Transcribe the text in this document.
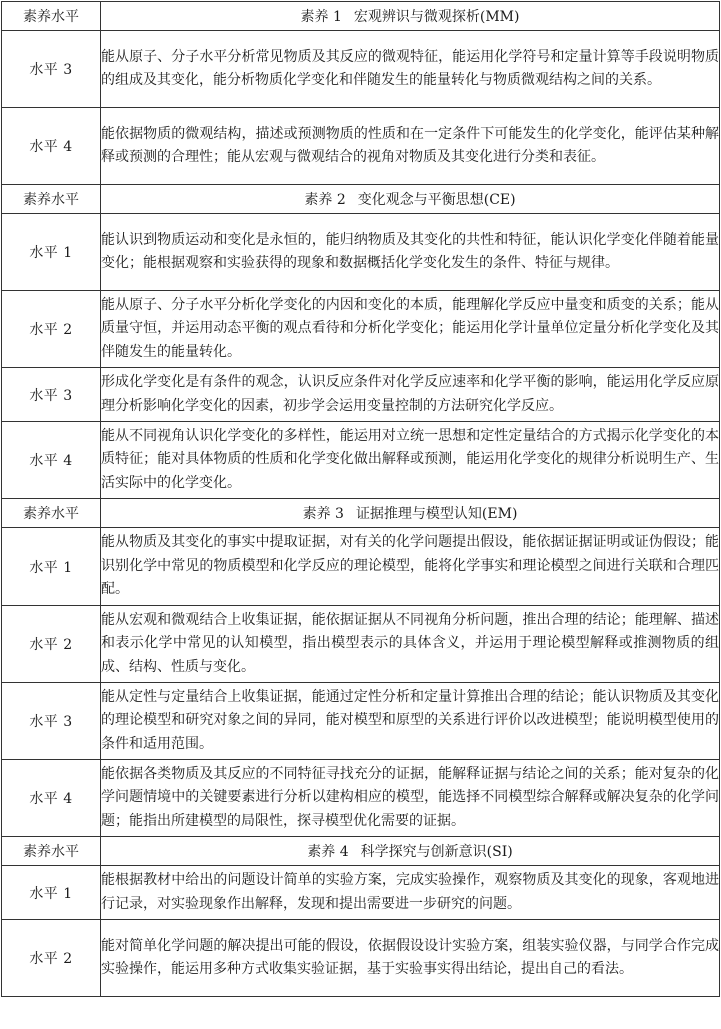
素养水平	素养 1 宏观辨识与微观探析(MM)
水平 3	能从原子、分子水平分析常见物质及其反应的微观特征，能运用化学符号和定量计算等手段说明物质的组成及其变化，能分析物质化学变化和伴随发生的能量转化与物质微观结构之间的关系。
水平 4	能依据物质的微观结构，描述或预测物质的性质和在一定条件下可能发生的化学变化，能评估某种解释或预测的合理性；能从宏观与微观结合的视角对物质及其变化进行分类和表征。
素养水平	素养 2 变化观念与平衡思想(CE)
水平 1	能认识到物质运动和变化是永恒的，能归纳物质及其变化的共性和特征，能认识化学变化伴随着能量变化；能根据观察和实验获得的现象和数据概括化学变化发生的条件、特征与规律。
水平 2	能从原子、分子水平分析化学变化的内因和变化的本质，能理解化学反应中量变和质变的关系；能从质量守恒，并运用动态平衡的观点看待和分析化学变化；能运用化学计量单位定量分析化学变化及其伴随发生的能量转化。
水平 3	形成化学变化是有条件的观念，认识反应条件对化学反应速率和化学平衡的影响，能运用化学反应原理分析影响化学变化的因素，初步学会运用变量控制的方法研究化学反应。
水平 4	能从不同视角认识化学变化的多样性，能运用对立统一思想和定性定量结合的方式揭示化学变化的本质特征；能对具体物质的性质和化学变化做出解释或预测，能运用化学变化的规律分析说明生产、生活实际中的化学变化。
素养水平	素养 3 证据推理与模型认知(EM)
水平 1	能从物质及其变化的事实中提取证据，对有关的化学问题提出假设，能依据证据证明或证伪假设；能识别化学中常见的物质模型和化学反应的理论模型，能将化学事实和理论模型之间进行关联和合理匹配。
水平 2	能从宏观和微观结合上收集证据，能依据证据从不同视角分析问题，推出合理的结论；能理解、描述和表示化学中常见的认知模型，指出模型表示的具体含义，并运用于理论模型解释或推测物质的组成、结构、性质与变化。
水平 3	能从定性与定量结合上收集证据，能通过定性分析和定量计算推出合理的结论；能认识物质及其变化的理论模型和研究对象之间的异同，能对模型和原型的关系进行评价以改进模型；能说明模型使用的条件和适用范围。
水平 4	能依据各类物质及其反应的不同特征寻找充分的证据，能解释证据与结论之间的关系；能对复杂的化学问题情境中的关键要素进行分析以建构相应的模型，能选择不同模型综合解释或解决复杂的化学问题；能指出所建模型的局限性，探寻模型优化需要的证据。
素养水平	素养 4 科学探究与创新意识(SI)
水平 1	能根据教材中给出的问题设计简单的实验方案，完成实验操作，观察物质及其变化的现象，客观地进行记录，对实验现象作出解释，发现和提出需要进一步研究的问题。
水平 2	能对简单化学问题的解决提出可能的假设，依据假设设计实验方案，组装实验仪器，与同学合作完成实验操作，能运用多种方式收集实验证据，基于实验事实得出结论，提出自己的看法。
